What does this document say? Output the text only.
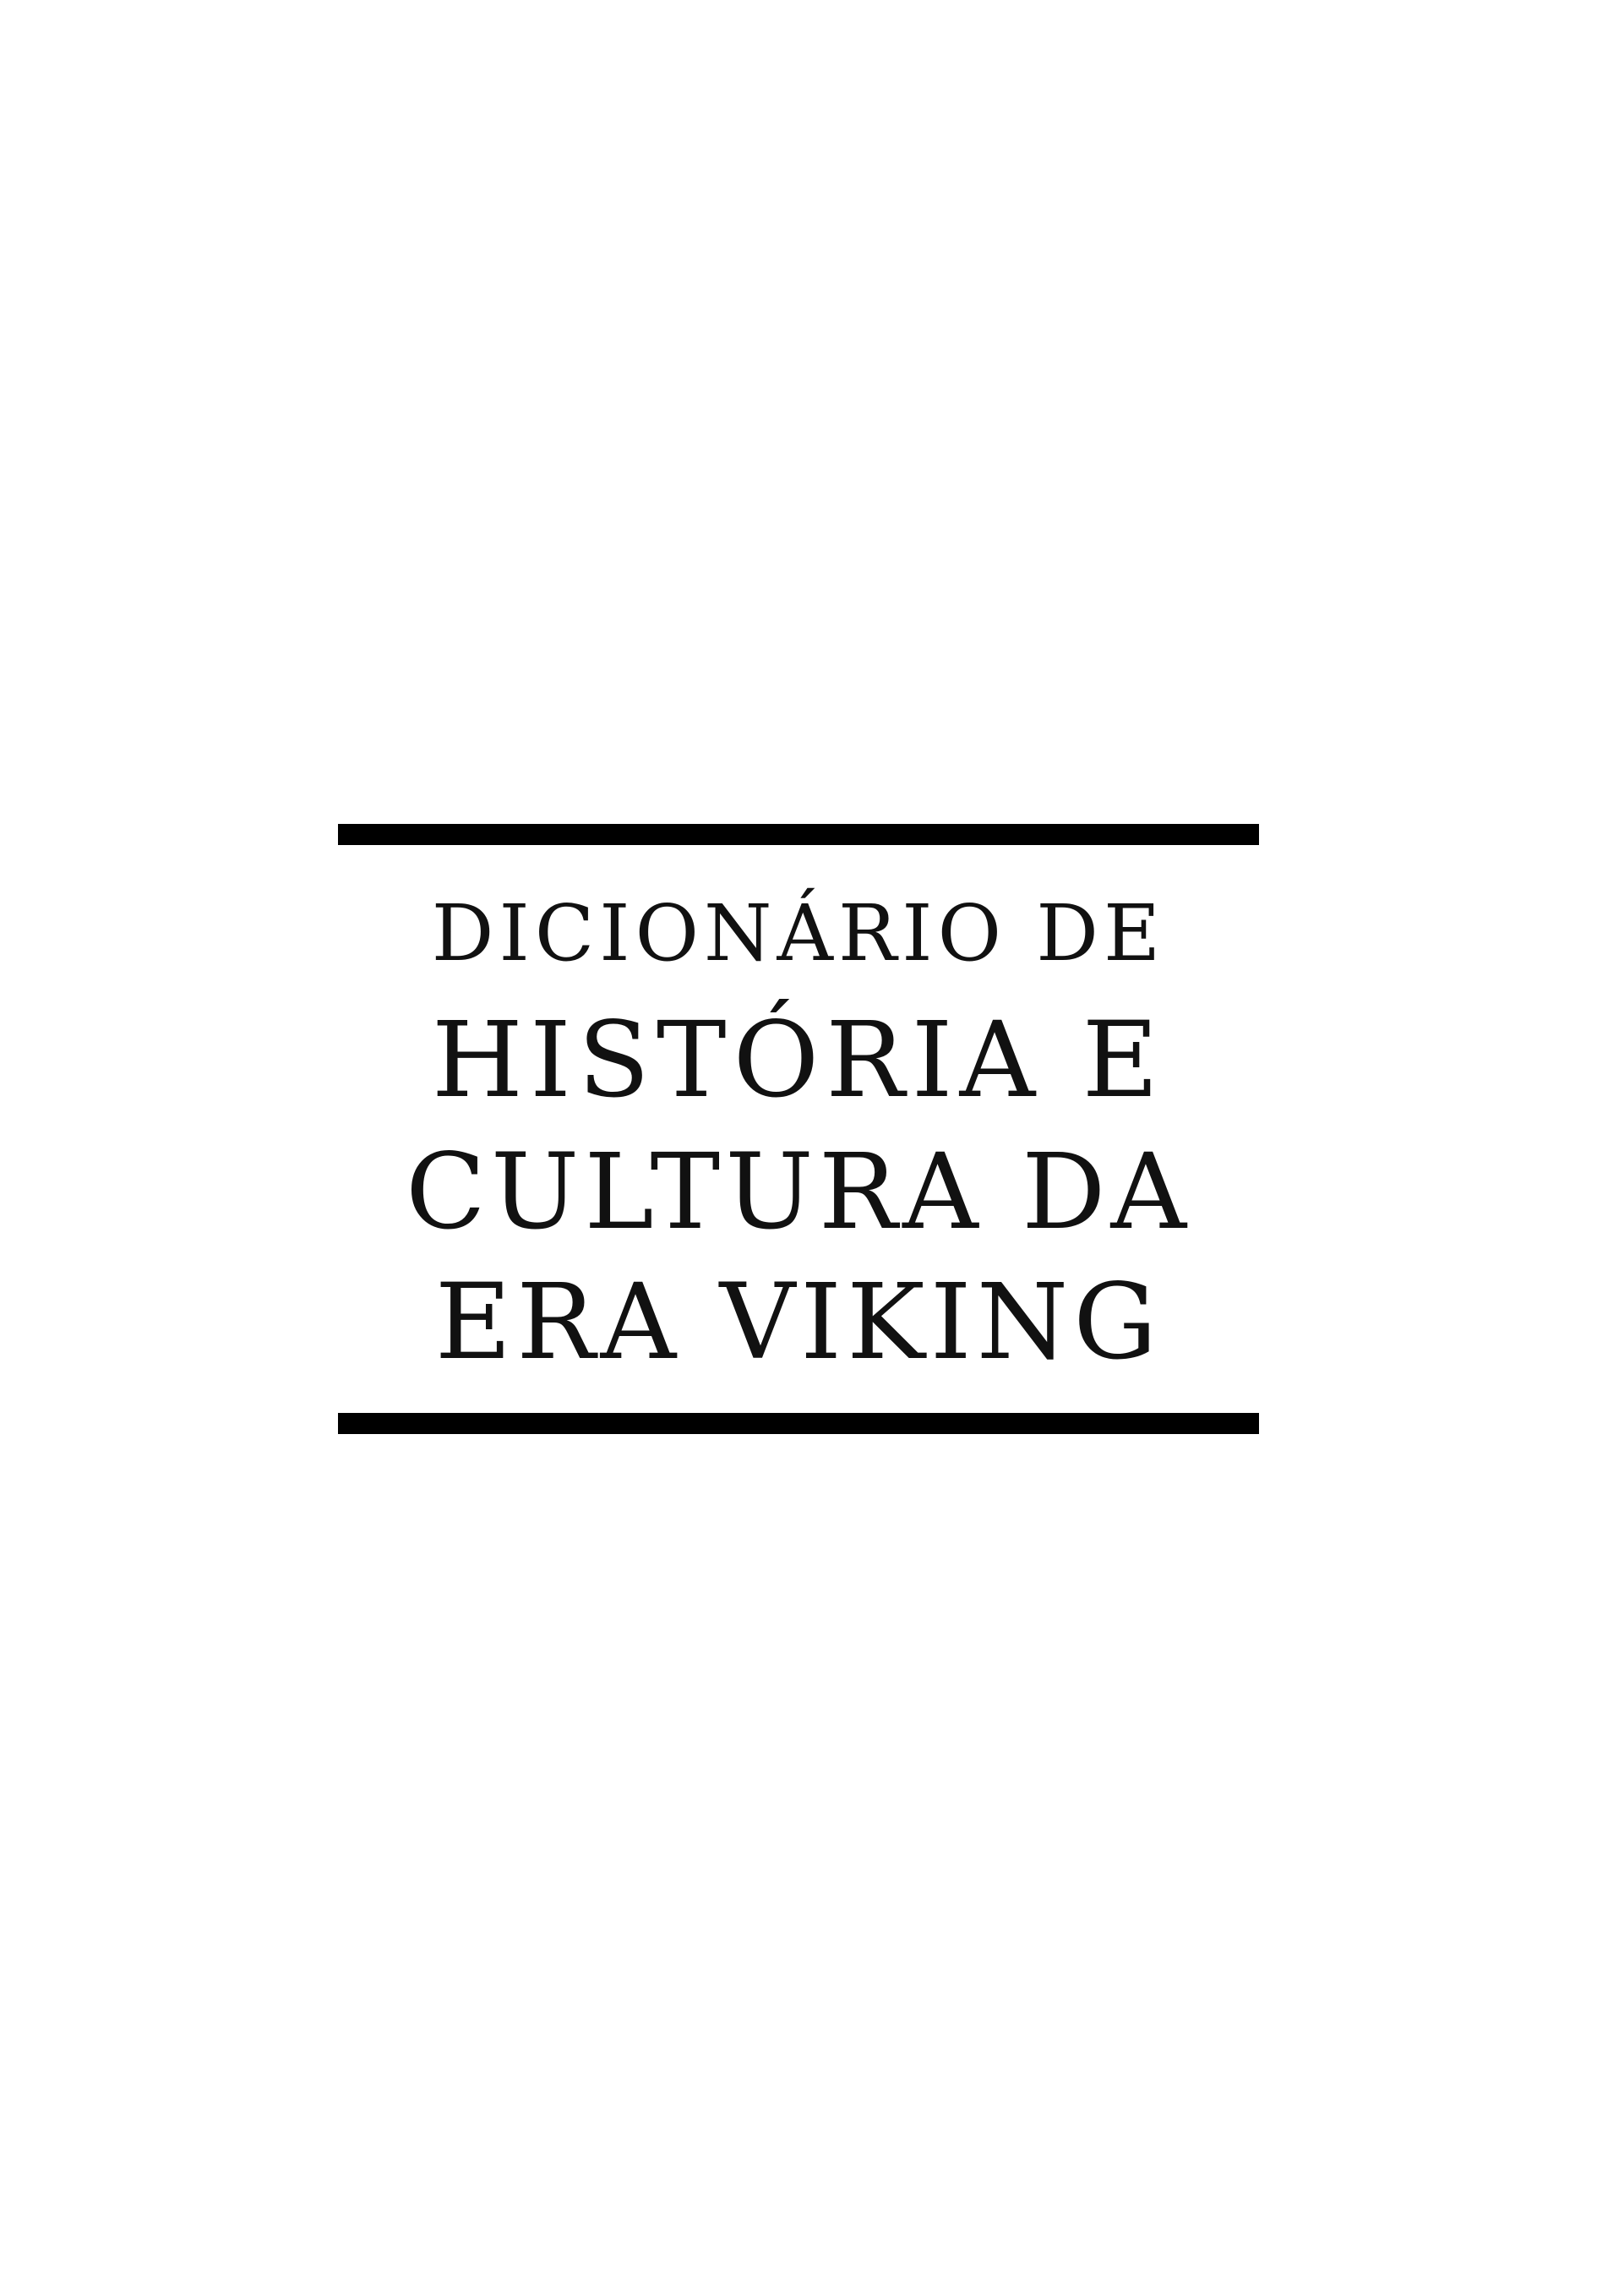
DICIONÁRIO DE
HISTÓRIA E
CULTURA DA
ERA VIKING
